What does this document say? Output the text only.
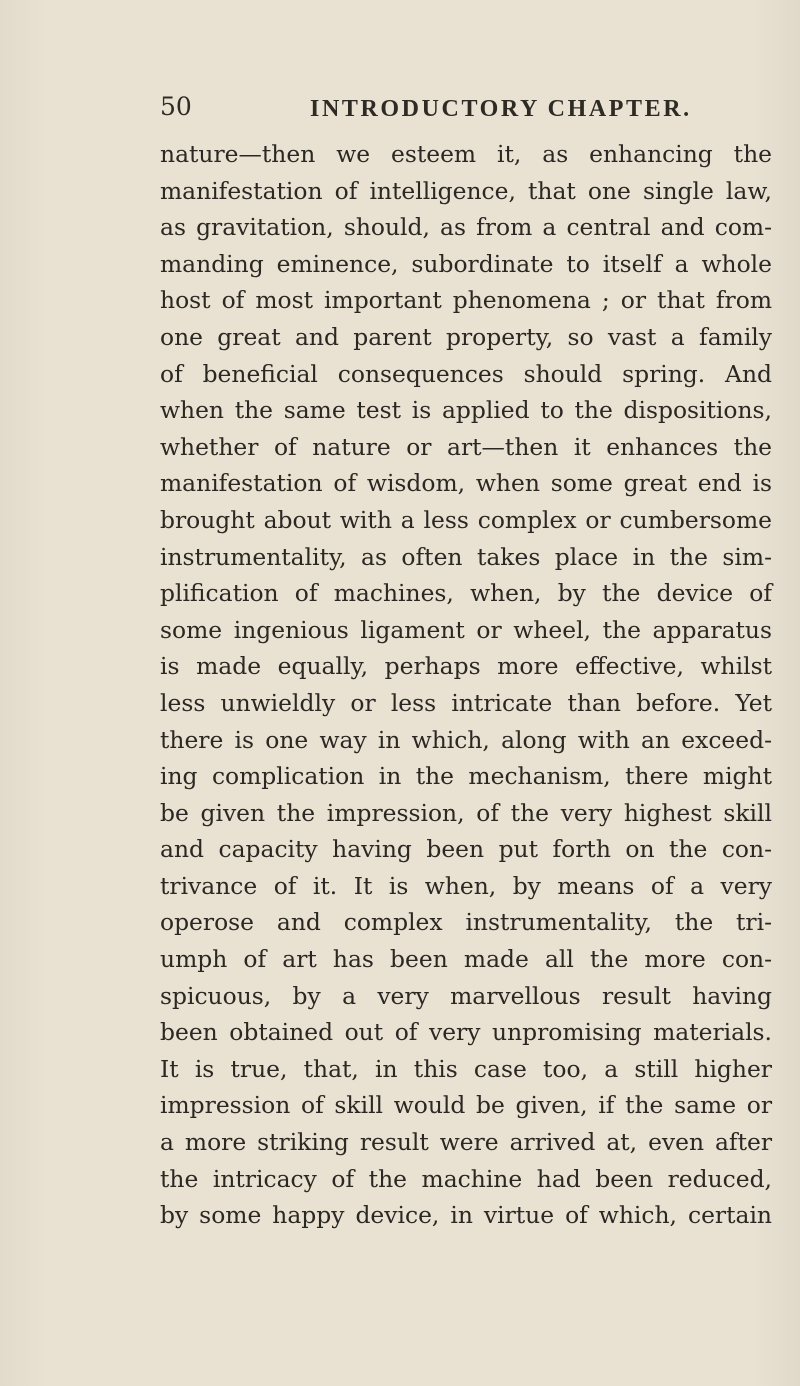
50	INTRODUCTORY CHAPTER.
nature—then we esteem it, as enhancing the
manifestation of intelligence, that one single law,
as gravitation, should, as from a central and com-
manding eminence, subordinate to itself a whole
host of most important phenomena ; or that from
one great and parent property, so vast a family
of beneficial consequences should spring. And
when the same test is applied to the dispositions,
whether of nature or art—then it enhances the
manifestation of wisdom, when some great end is
brought about with a less complex or cumbersome
instrumentality, as often takes place in the sim-
plification of machines, when, by the device of
some ingenious ligament or wheel, the apparatus
is made equally, perhaps more effective, whilst
less unwieldly or less intricate than before. Yet
there is one way in which, along with an exceed-
ing complication in the mechanism, there might
be given the impression, of the very highest skill
and capacity having been put forth on the con-
trivance of it. It is when, by means of a very
operose and complex instrumentality, the tri-
umph of art has been made all the more con-
spicuous, by a very marvellous result having
been obtained out of very unpromising materials.
It is true, that, in this case too, a still higher
impression of skill would be given, if the same or
a more striking result were arrived at, even after
the intricacy of the machine had been reduced,
by some happy device, in virtue of which, certain
